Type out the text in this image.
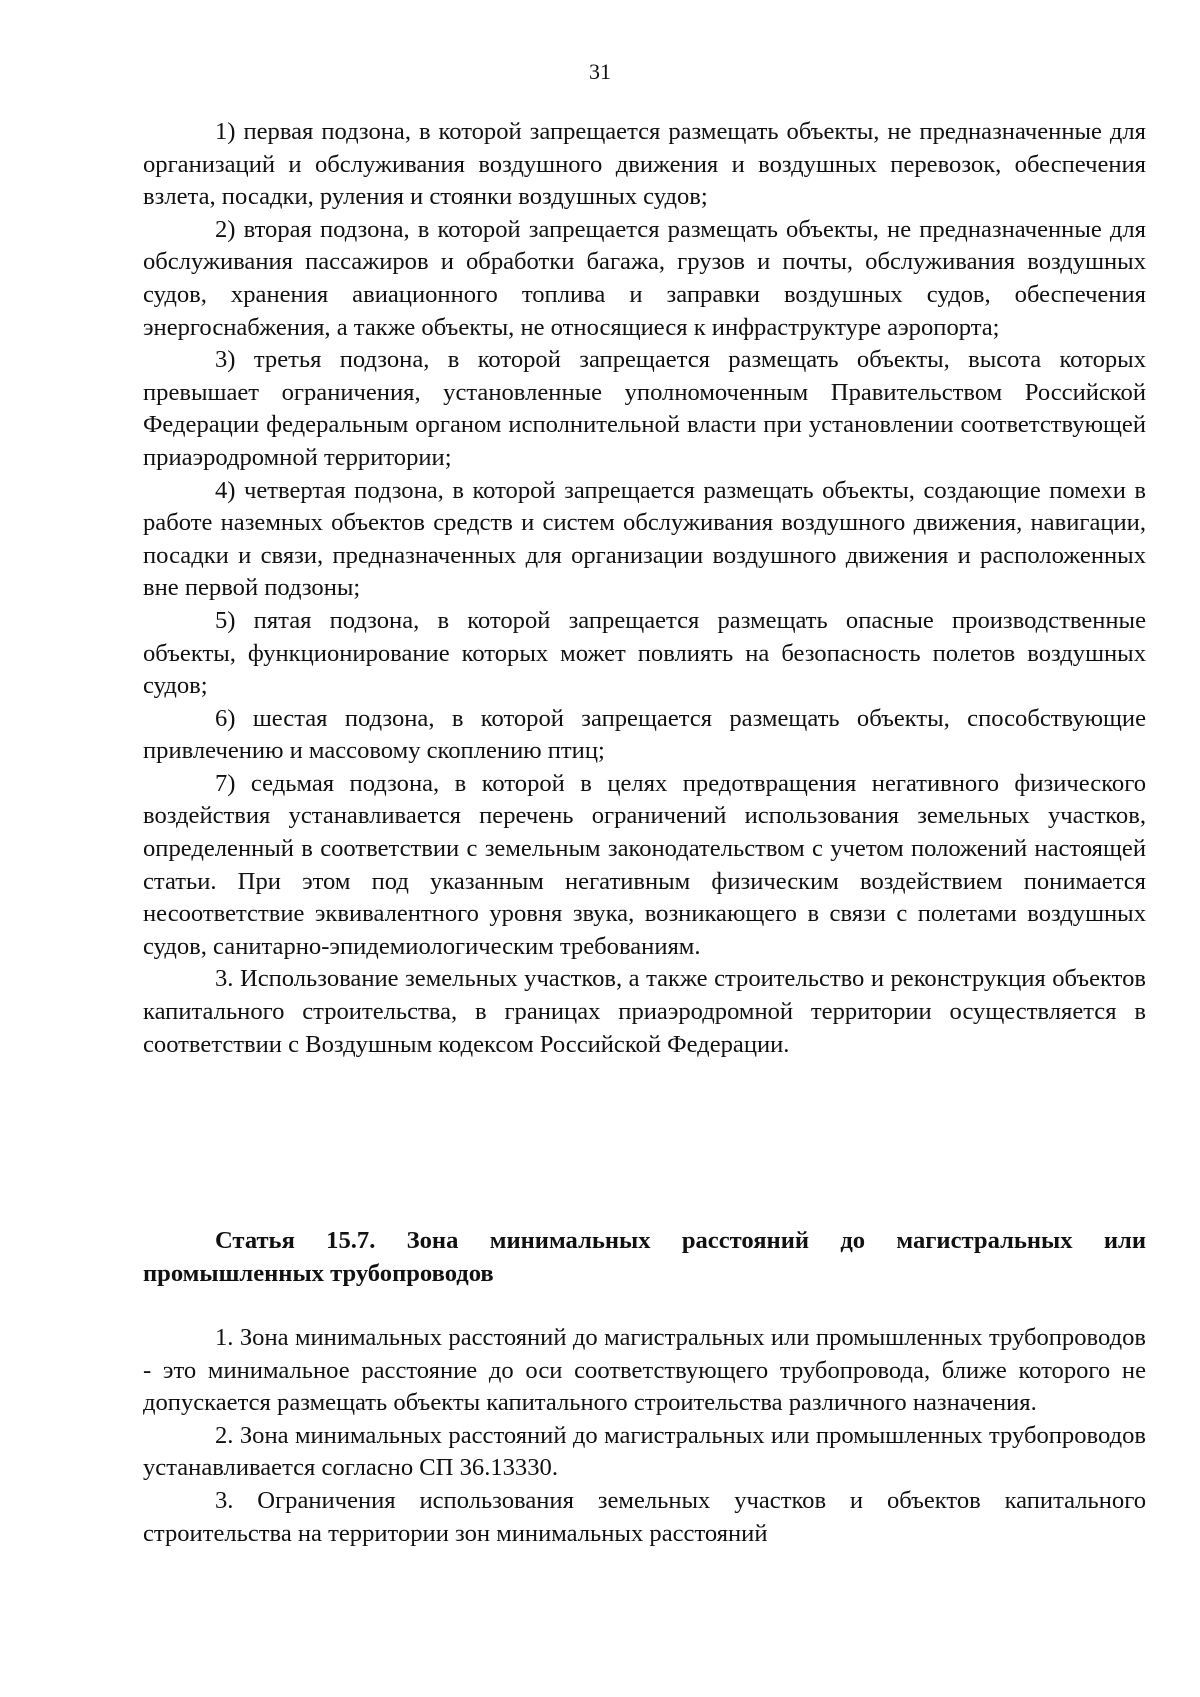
31

1) первая подзона, в которой запрещается размещать объекты, не предназначенные для организаций и обслуживания воздушного движения и воздушных перевозок, обеспечения взлета, посадки, руления и стоянки воздушных судов;

2) вторая подзона, в которой запрещается размещать объекты, не предназначенные для обслуживания пассажиров и обработки багажа, грузов и почты, обслуживания воздушных судов, хранения авиационного топлива и заправки воздушных судов, обеспечения энергоснабжения, а также объекты, не относящиеся к инфраструктуре аэропорта;

3) третья подзона, в которой запрещается размещать объекты, высота которых превышает ограничения, установленные уполномоченным Правительством Российской Федерации федеральным органом исполнительной власти при установлении соответствующей приаэродромной территории;

4) четвертая подзона, в которой запрещается размещать объекты, создающие помехи в работе наземных объектов средств и систем обслуживания воздушного движения, навигации, посадки и связи, предназначенных для организации воздушного движения и расположенных вне первой подзоны;

5) пятая подзона, в которой запрещается размещать опасные производственные объекты, функционирование которых может повлиять на безопасность полетов воздушных судов;

6) шестая подзона, в которой запрещается размещать объекты, способствующие привлечению и массовому скоплению птиц;

7) седьмая подзона, в которой в целях предотвращения негативного физического воздействия устанавливается перечень ограничений использования земельных участков, определенный в соответствии с земельным законодательством с учетом положений настоящей статьи. При этом под указанным негативным физическим воздействием понимается несоответствие эквивалентного уровня звука, возникающего в связи с полетами воздушных судов, санитарно-эпидемиологическим требованиям.

3. Использование земельных участков, а также строительство и реконструкция объектов капитального строительства, в границах приаэродромной территории осуществляется в соответствии с Воздушным кодексом Российской Федерации.

Статья 15.7. Зона минимальных расстояний до магистральных или промышленных трубопроводов

1. Зона минимальных расстояний до магистральных или промышленных трубопроводов - это минимальное расстояние до оси соответствующего трубопровода, ближе которого не допускается размещать объекты капитального строительства различного назначения.

2. Зона минимальных расстояний до магистральных или промышленных трубопроводов устанавливается согласно СП 36.13330.

3. Ограничения использования земельных участков и объектов капитального строительства на территории зон минимальных расстояний
